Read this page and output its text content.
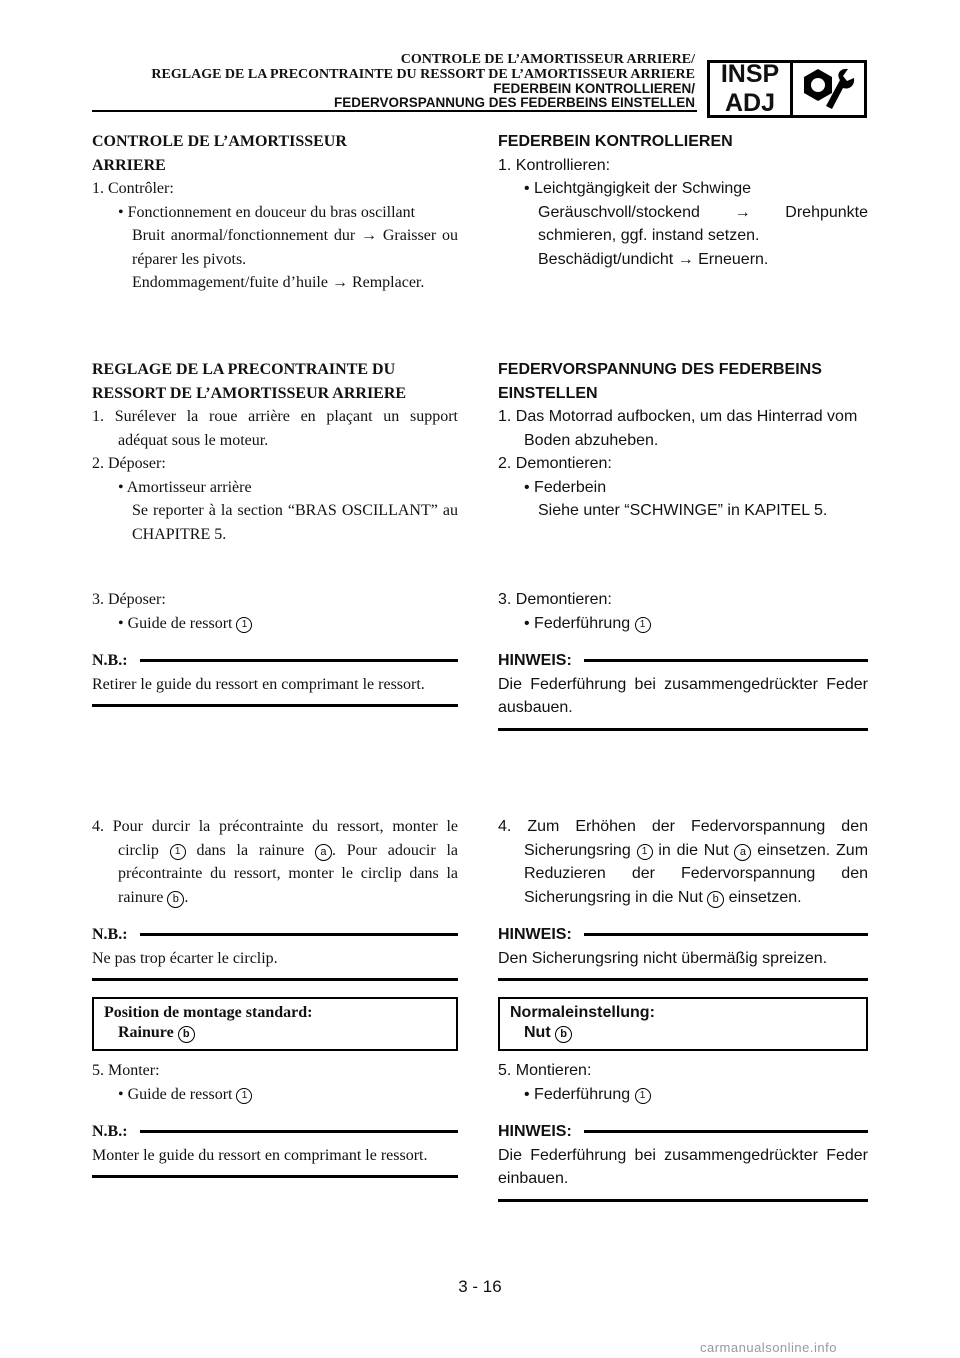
CONTROLE DE L’AMORTISSEUR ARRIERE/
REGLAGE DE LA PRECONTRAINTE DU RESSORT DE L’AMORTISSEUR ARRIERE
FEDERBEIN KONTROLLIEREN/
FEDERVORSPANNUNG DES FEDERBEINS EINSTELLEN
INSP
ADJ
CONTROLE DE L’AMORTISSEUR
ARRIERE
1. Contrôler:
• Fonctionnement en douceur du bras oscillant
Bruit anormal/fonctionnement dur → Graisser ou réparer les pivots.
Endommagement/fuite d’huile → Remplacer.
REGLAGE DE LA PRECONTRAINTE DU
RESSORT DE L’AMORTISSEUR ARRIERE
1. Surélever la roue arrière en plaçant un support adéquat sous le moteur.
2. Déposer:
• Amortisseur arrière
Se reporter à la section “BRAS OSCILLANT” au CHAPITRE 5.
3. Déposer:
• Guide de ressort 1
N.B.:
Retirer le guide du ressort en comprimant le ressort.
4. Pour durcir la précontrainte du ressort, monter le circlip 1 dans la rainure a . Pour adoucir la précontrainte du ressort, monter le circlip dans la rainure b .
N.B.:
Ne pas trop écarter le circlip.
Position de montage standard:
Rainure b
5. Monter:
• Guide de ressort 1
N.B.:
Monter le guide du ressort en comprimant le ressort.
FEDERBEIN KONTROLLIEREN
1. Kontrollieren:
• Leichtgängigkeit der Schwinge
Geräuschvoll/stockend → Drehpunkte schmieren, ggf. instand setzen.
Beschädigt/undicht → Erneuern.
FEDERVORSPANNUNG DES FEDERBEINS
EINSTELLEN
1. Das Motorrad aufbocken, um das Hinterrad vom Boden abzuheben.
2. Demontieren:
• Federbein
Siehe unter “SCHWINGE” in KAPITEL 5.
3. Demontieren:
• Federführung 1
HINWEIS:
Die Federführung bei zusammengedrückter Feder ausbauen.
4. Zum Erhöhen der Federvorspannung den Sicherungsring 1 in die Nut a einsetzen. Zum Reduzieren der Federvorspannung den Sicherungsring in die Nut b einsetzen.
HINWEIS:
Den Sicherungsring nicht übermäßig spreizen.
Normaleinstellung:
Nut b
5. Montieren:
• Federführung 1
HINWEIS:
Die Federführung bei zusammengedrückter Feder einbauen.
3 - 16
carmanualsonline.info
